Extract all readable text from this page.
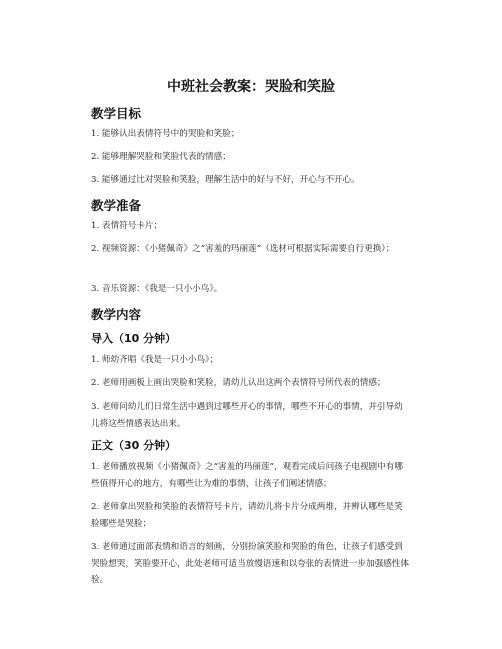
中班社会教案：哭脸和笑脸
教学目标
1. 能够认出表情符号中的哭脸和笑脸；
2. 能够理解哭脸和笑脸代表的情感；
3. 能够通过比对哭脸和笑脸，理解生活中的好与不好，开心与不开心。
教学准备
1. 表情符号卡片；
2. 视频资源：《小猪佩奇》之“害羞的玛丽莲”（选材可根据实际需要自行更换）；
3. 音乐资源：《我是一只小小鸟》。
教学内容
导入（10 分钟）
1. 师幼齐唱《我是一只小小鸟》；
2. 老师用画板上画出哭脸和笑脸，请幼儿认出这两个表情符号所代表的情感；
3. 老师问幼儿们日常生活中遇到过哪些开心的事情，哪些不开心的事情，并引导幼儿将这些情感表达出来。
正文（30 分钟）
1. 老师播放视频《小猪佩奇》之“害羞的玛丽莲”，观看完成后问孩子电视剧中有哪些值得开心的地方，有哪些让为难的事情，让孩子们阐述情感；
2. 老师拿出哭脸和笑脸的表情符号卡片，请幼儿将卡片分成两堆，并辨认哪些是笑脸哪些是哭脸；
3. 老师通过面部表情和语言的刻画，分别扮演笑脸和哭脸的角色，让孩子们感受到哭脸想哭，笑脸要开心，此处老师可适当放慢语速和以夸张的表情进一步加强感性体验。
